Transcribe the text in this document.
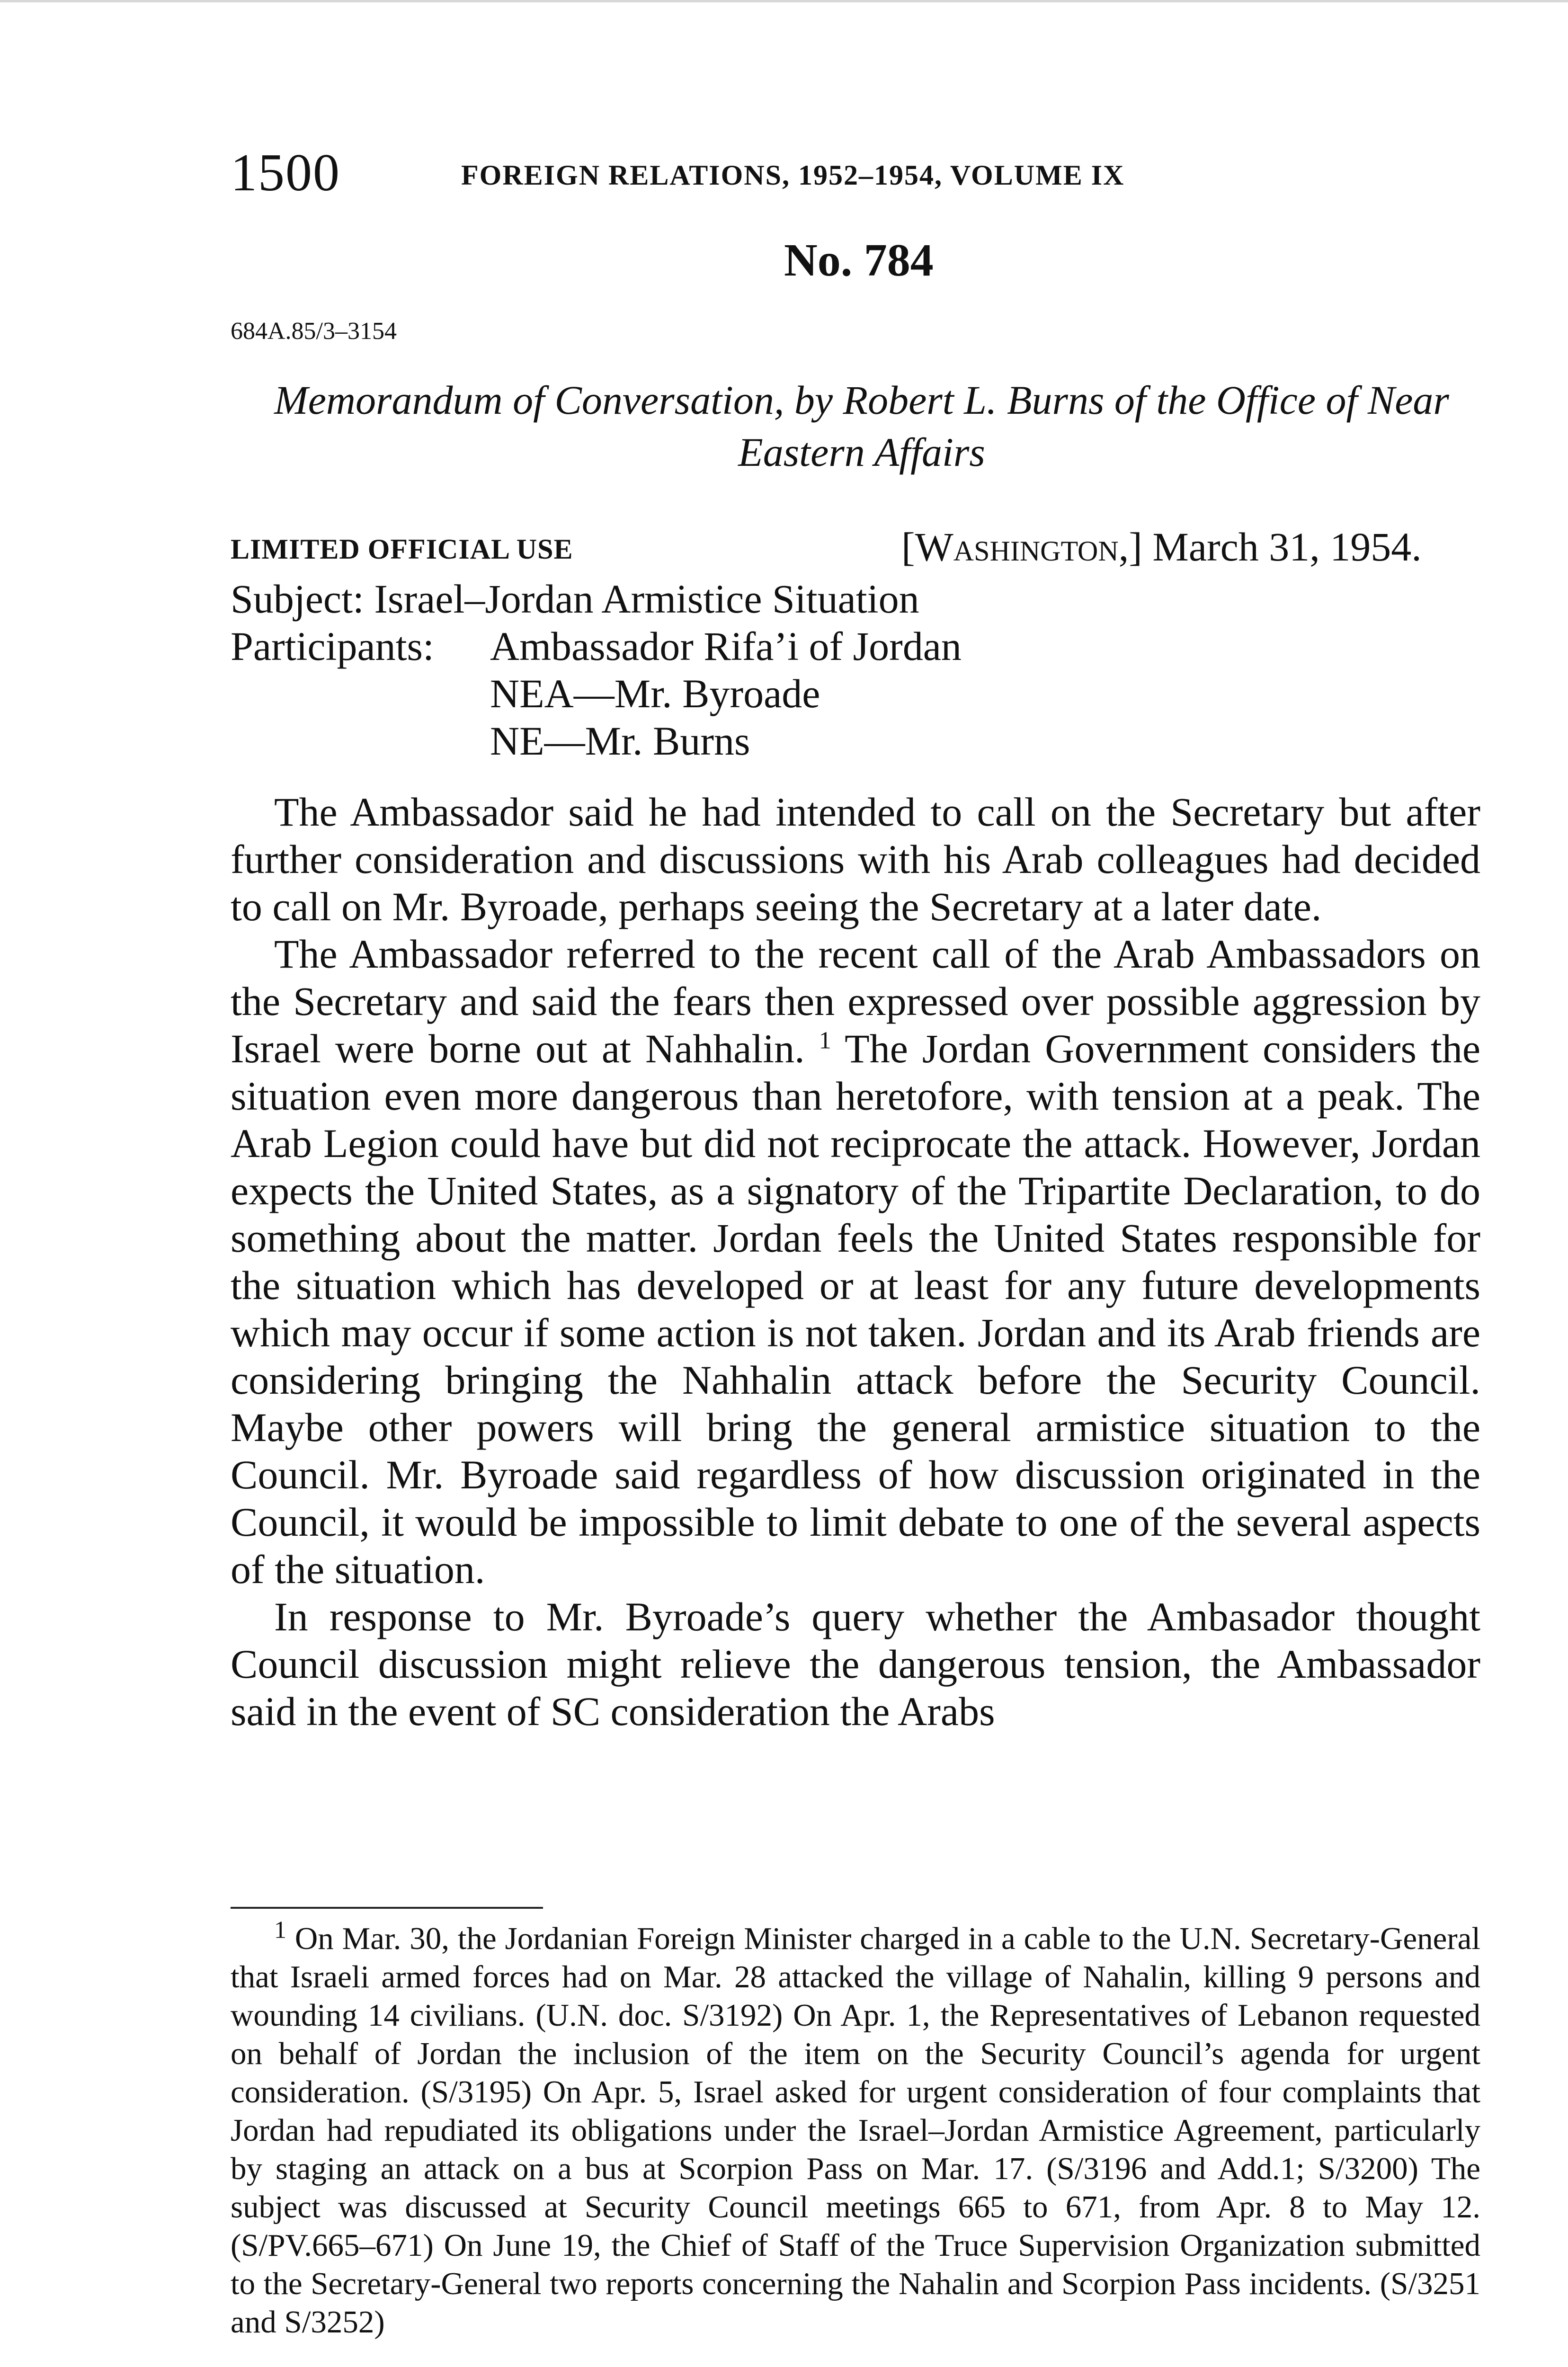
1500	FOREIGN RELATIONS, 1952–1954, VOLUME IX
No. 784
684A.85/3–3154
Memorandum of Conversation, by Robert L. Burns of the Office of Near Eastern Affairs
LIMITED OFFICIAL USE	[Washington,] March 31, 1954.
Subject: Israel–Jordan Armistice Situation
Participants: Ambassador Rifa’i of Jordan
NEA—Mr. Byroade
NE—Mr. Burns

The Ambassador said he had intended to call on the Secretary but after further consideration and discussions with his Arab colleagues had decided to call on Mr. Byroade, perhaps seeing the Secretary at a later date.

The Ambassador referred to the recent call of the Arab Ambassadors on the Secretary and said the fears then expressed over possible aggression by Israel were borne out at Nahhalin. $^1$ The Jordan Government considers the situation even more dangerous than heretofore, with tension at a peak. The Arab Legion could have but did not reciprocate the attack. However, Jordan expects the United States, as a signatory of the Tripartite Declaration, to do something about the matter. Jordan feels the United States responsible for the situation which has developed or at least for any future developments which may occur if some action is not taken. Jordan and its Arab friends are considering bringing the Nahhalin attack before the Security Council. Maybe other powers will bring the general armistice situation to the Council. Mr. Byroade said regardless of how discussion originated in the Council, it would be impossible to limit debate to one of the several aspects of the situation.

In response to Mr. Byroade’s query whether the Ambasador thought Council discussion might relieve the dangerous tension, the Ambassador said in the event of SC consideration the Arabs

$^1$ On Mar. 30, the Jordanian Foreign Minister charged in a cable to the U.N. Secretary-General that Israeli armed forces had on Mar. 28 attacked the village of Nahalin, killing 9 persons and wounding 14 civilians. (U.N. doc. S/3192) On Apr. 1, the Representatives of Lebanon requested on behalf of Jordan the inclusion of the item on the Security Council’s agenda for urgent consideration. (S/3195) On Apr. 5, Israel asked for urgent consideration of four complaints that Jordan had repudiated its obligations under the Israel–Jordan Armistice Agreement, particularly by staging an attack on a bus at Scorpion Pass on Mar. 17. (S/3196 and Add.1; S/3200) The subject was discussed at Security Council meetings 665 to 671, from Apr. 8 to May 12. (S/PV.665–671) On June 19, the Chief of Staff of the Truce Supervision Organization submitted to the Secretary-General two reports concerning the Nahalin and Scorpion Pass incidents. (S/3251 and S/3252)
